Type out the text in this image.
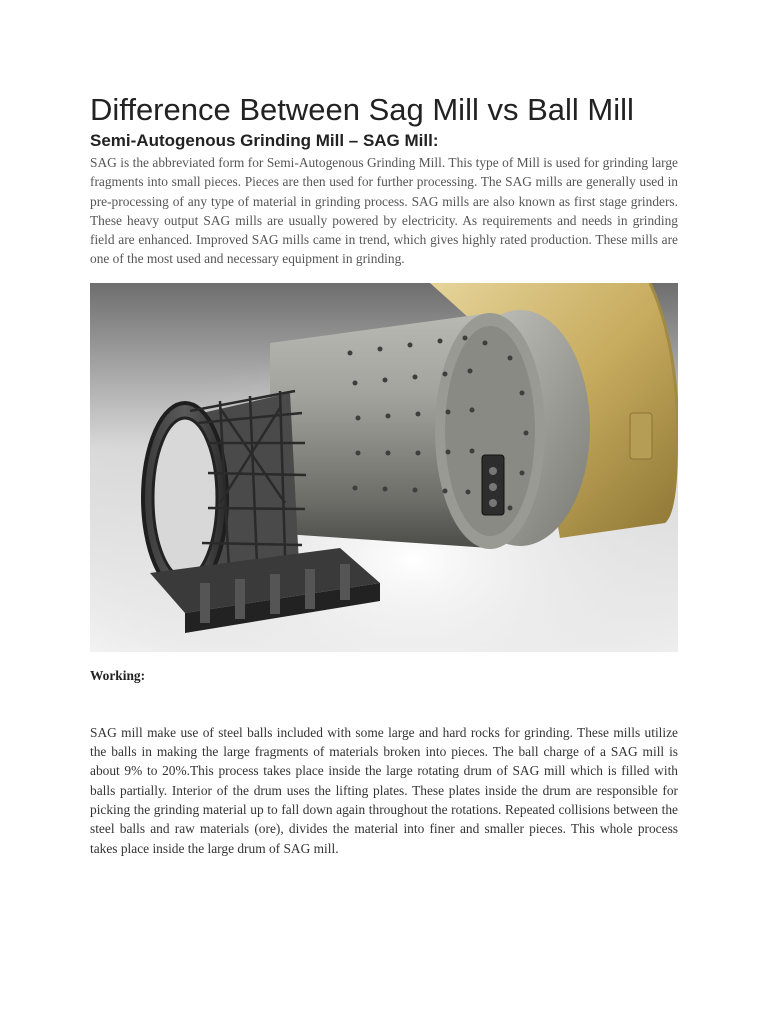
Difference Between Sag Mill vs Ball Mill
Semi-Autogenous Grinding Mill – SAG Mill:

SAG is the abbreviated form for Semi-Autogenous Grinding Mill. This type of Mill is used for grinding large fragments into small pieces. Pieces are then used for further processing. The SAG mills are generally used in pre-processing of any type of material in grinding process. SAG mills are also known as first stage grinders. These heavy output SAG mills are usually powered by electricity. As requirements and needs in grinding field are enhanced. Improved SAG mills came in trend, which gives highly rated production. These mills are one of the most used and necessary equipment in grinding.

Working:

SAG mill make use of steel balls included with some large and hard rocks for grinding. These mills utilize the balls in making the large fragments of materials broken into pieces. The ball charge of a SAG mill is about 9% to 20%.This process takes place inside the large rotating drum of SAG mill which is filled with balls partially. Interior of the drum uses the lifting plates. These plates inside the drum are responsible for picking the grinding material up to fall down again throughout the rotations. Repeated collisions between the steel balls and raw materials (ore), divides the material into finer and smaller pieces. This whole process takes place inside the large drum of SAG mill.
